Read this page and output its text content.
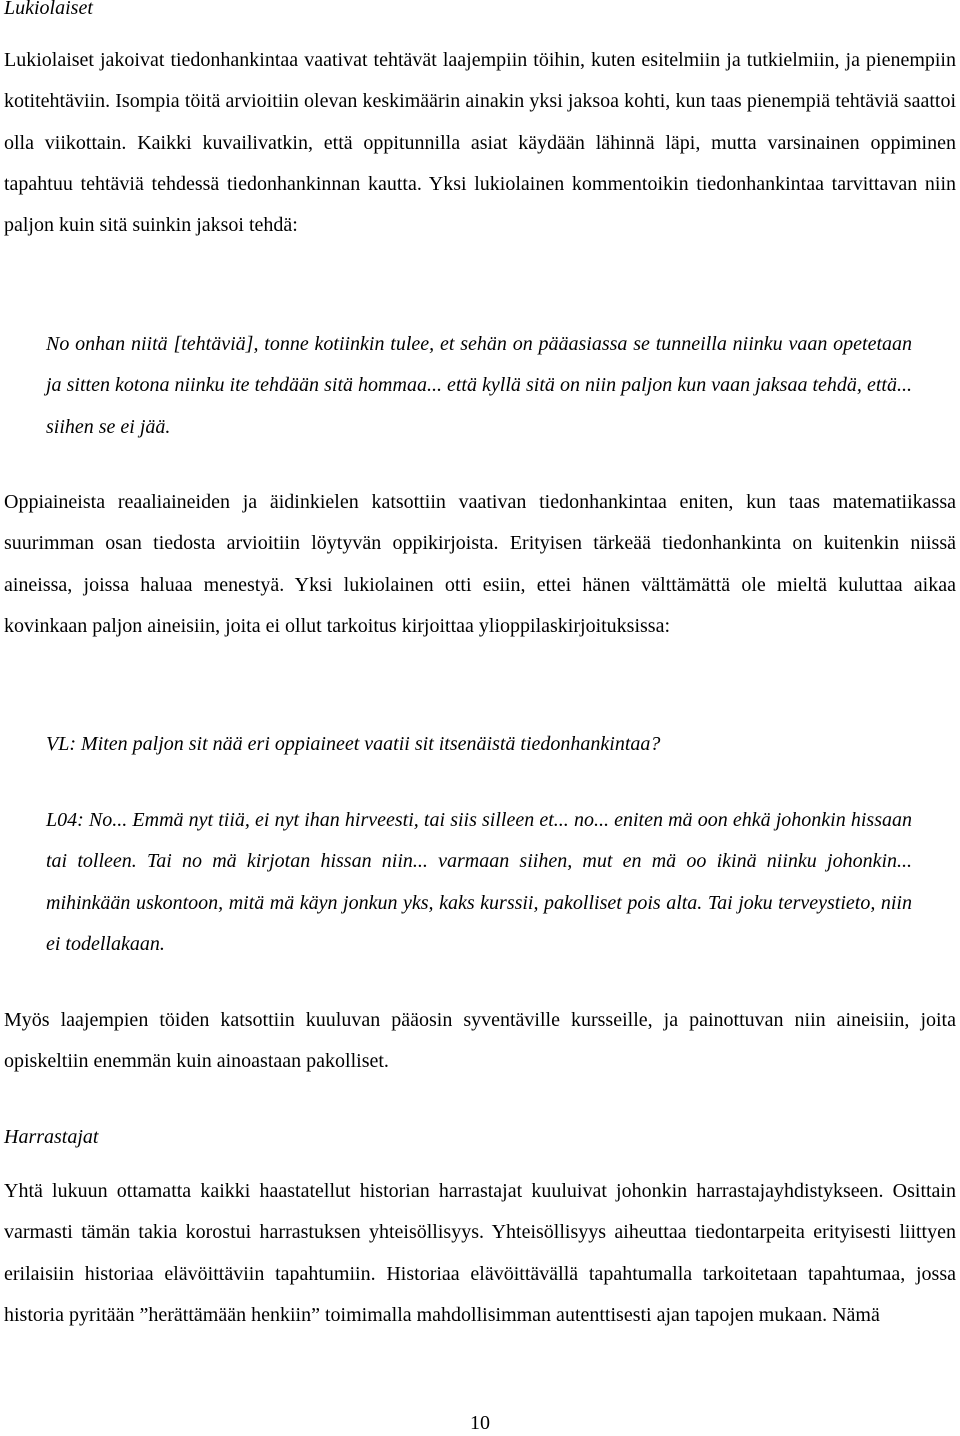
Lukiolaiset

Lukiolaiset jakoivat tiedonhankintaa vaativat tehtävät laajempiin töihin, kuten esitelmiin ja tutkielmiin, ja pienempiin kotitehtäviin. Isompia töitä arvioitiin olevan keskimäärin ainakin yksi jaksoa kohti, kun taas pienempiä tehtäviä saattoi olla viikottain. Kaikki kuvailivatkin, että oppitunnilla asiat käydään lähinnä läpi, mutta varsinainen oppiminen tapahtuu tehtäviä tehdessä tiedonhankinnan kautta. Yksi lukiolainen kommentoikin tiedonhankintaa tarvittavan niin paljon kuin sitä suinkin jaksoi tehdä:

No onhan niitä [tehtäviä], tonne kotiinkin tulee, et sehän on pääasiassa se tunneilla niinku vaan opetetaan ja sitten kotona niinku ite tehdään sitä hommaa... että kyllä sitä on niin paljon kun vaan jaksaa tehdä, että... siihen se ei jää.

Oppiaineista reaaliaineiden ja äidinkielen katsottiin vaativan tiedonhankintaa eniten, kun taas matematiikassa suurimman osan tiedosta arvioitiin löytyvän oppikirjoista. Erityisen tärkeää tiedonhankinta on kuitenkin niissä aineissa, joissa haluaa menestyä. Yksi lukiolainen otti esiin, ettei hänen välttämättä ole mieltä kuluttaa aikaa kovinkaan paljon aineisiin, joita ei ollut tarkoitus kirjoittaa ylioppilaskirjoituksissa:

VL: Miten paljon sit nää eri oppiaineet vaatii sit itsenäistä tiedonhankintaa?

L04: No... Emmä nyt tiiä, ei nyt ihan hirveesti, tai siis silleen et... no... eniten mä oon ehkä johonkin hissaan tai tolleen. Tai no mä kirjotan hissan niin... varmaan siihen, mut en mä oo ikinä niinku johonkin... mihinkään uskontoon, mitä mä käyn jonkun yks, kaks kurssii, pakolliset pois alta. Tai joku terveystieto, niin ei todellakaan.

Myös laajempien töiden katsottiin kuuluvan pääosin syventäville kursseille, ja painottuvan niin aineisiin, joita opiskeltiin enemmän kuin ainoastaan pakolliset.

Harrastajat

Yhtä lukuun ottamatta kaikki haastatellut historian harrastajat kuuluivat johonkin harrastajayhdistykseen. Osittain varmasti tämän takia korostui harrastuksen yhteisöllisyys. Yhteisöllisyys aiheuttaa tiedontarpeita erityisesti liittyen erilaisiin historiaa elävöittäviin tapahtumiin. Historiaa elävöittävällä tapahtumalla tarkoitetaan tapahtumaa, jossa historia pyritään ”herättämään henkiin” toimimalla mahdollisimman autenttisesti ajan tapojen mukaan. Nämä

10
